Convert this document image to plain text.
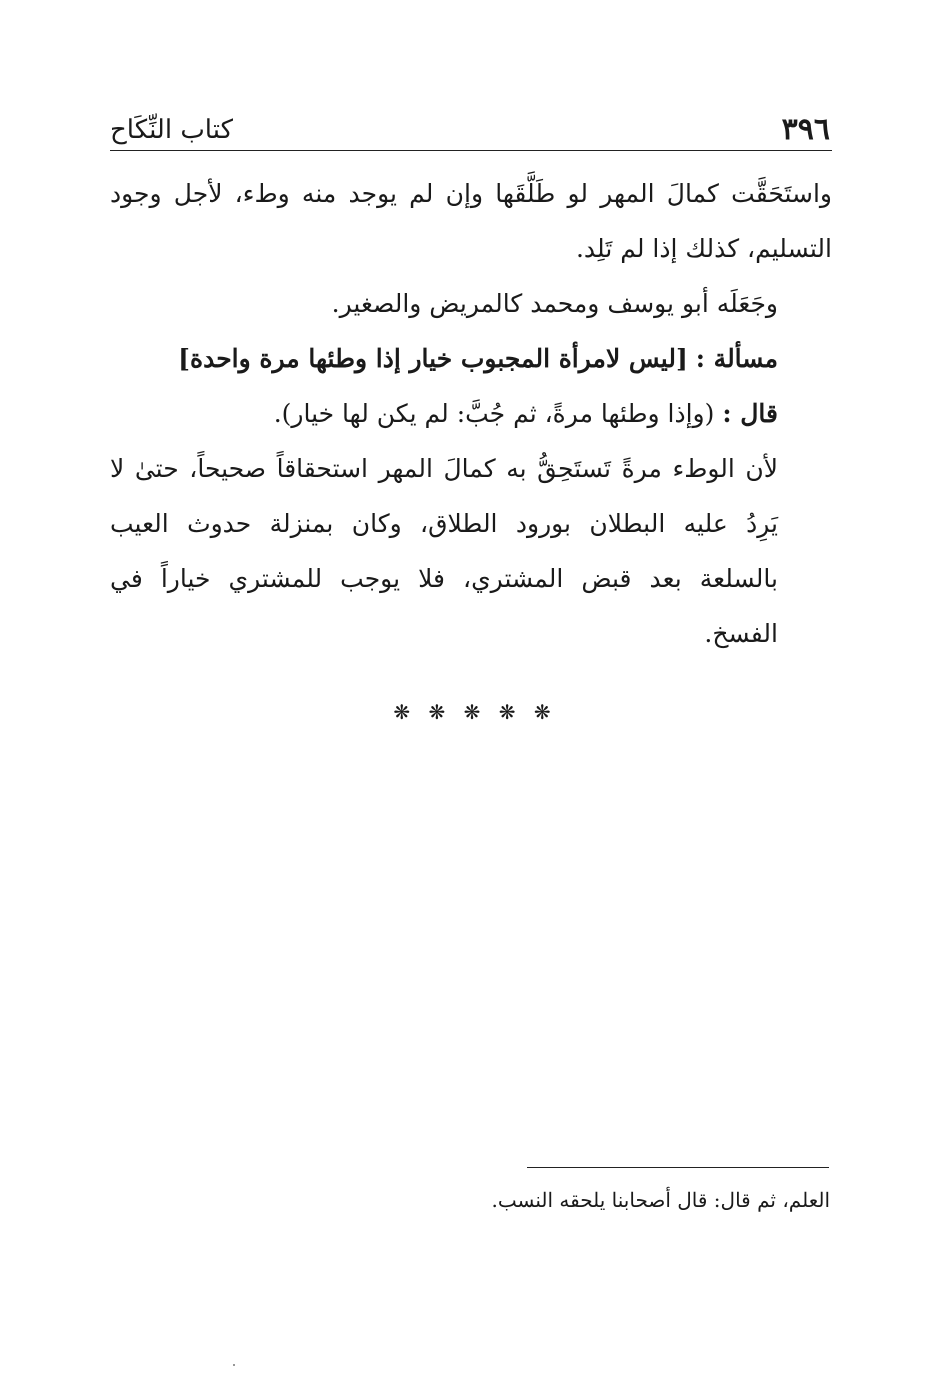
٣٩٦
كتاب النِّكَاح

واستَحَقَّت كمالَ المهر لو طَلَّقَها وإن لم يوجد منه وطء، لأجل وجود التسليم، كذلك إذا لم تَلِد.

وجَعَلَه أبو يوسف ومحمد كالمريض والصغير.

مسألة : [ليس لامرأة المجبوب خيار إذا وطئها مرة واحدة]

قال : (وإذا وطئها مرةً، ثم جُبَّ: لم يكن لها خيار).

لأن الوطء مرةً تَستَحِقُّ به كمالَ المهر استحقاقاً صحيحاً، حتىٰ لا يَرِدُ عليه البطلان بورود الطلاق، وكان بمنزلة حدوث العيب بالسلعة بعد قبض المشتري، فلا يوجب للمشتري خياراً في الفسخ.

❋ ❋ ❋ ❋ ❋
العلم، ثم قال: قال أصحابنا يلحقه النسب.
